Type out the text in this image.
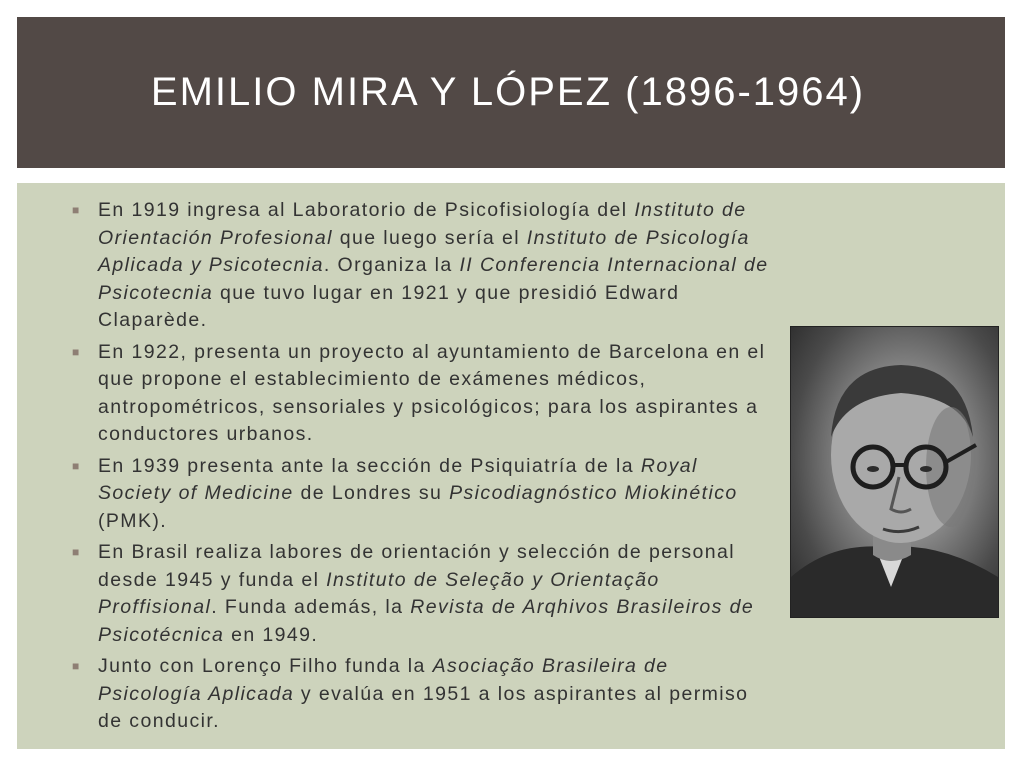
EMILIO MIRA Y LÓPEZ (1896-1964)
■ En 1919 ingresa al Laboratorio de Psicofisiología del Instituto de Orientación Profesional que luego sería el Instituto de Psicología Aplicada y Psicotecnia. Organiza la II Conferencia Internacional de Psicotecnia que tuvo lugar en 1921 y que presidió Edward Claparède.
■ En 1922, presenta un proyecto al ayuntamiento de Barcelona en el que propone el establecimiento de exámenes médicos, antropométricos, sensoriales y psicológicos; para los aspirantes a conductores urbanos.
■ En 1939 presenta ante la sección de Psiquiatría de la Royal Society of Medicine de Londres su Psicodiagnóstico Miokinético (PMK).
■ En Brasil realiza labores de orientación y selección de personal desde 1945 y funda el Instituto de Seleção y Orientação Proffisional. Funda además, la Revista de Arqhivos Brasileiros de Psicotécnica en 1949.
■ Junto con Lorenço Filho funda la Asociação Brasileira de Psicología Aplicada y evalúa en 1951 a los aspirantes al permiso de conducir.
